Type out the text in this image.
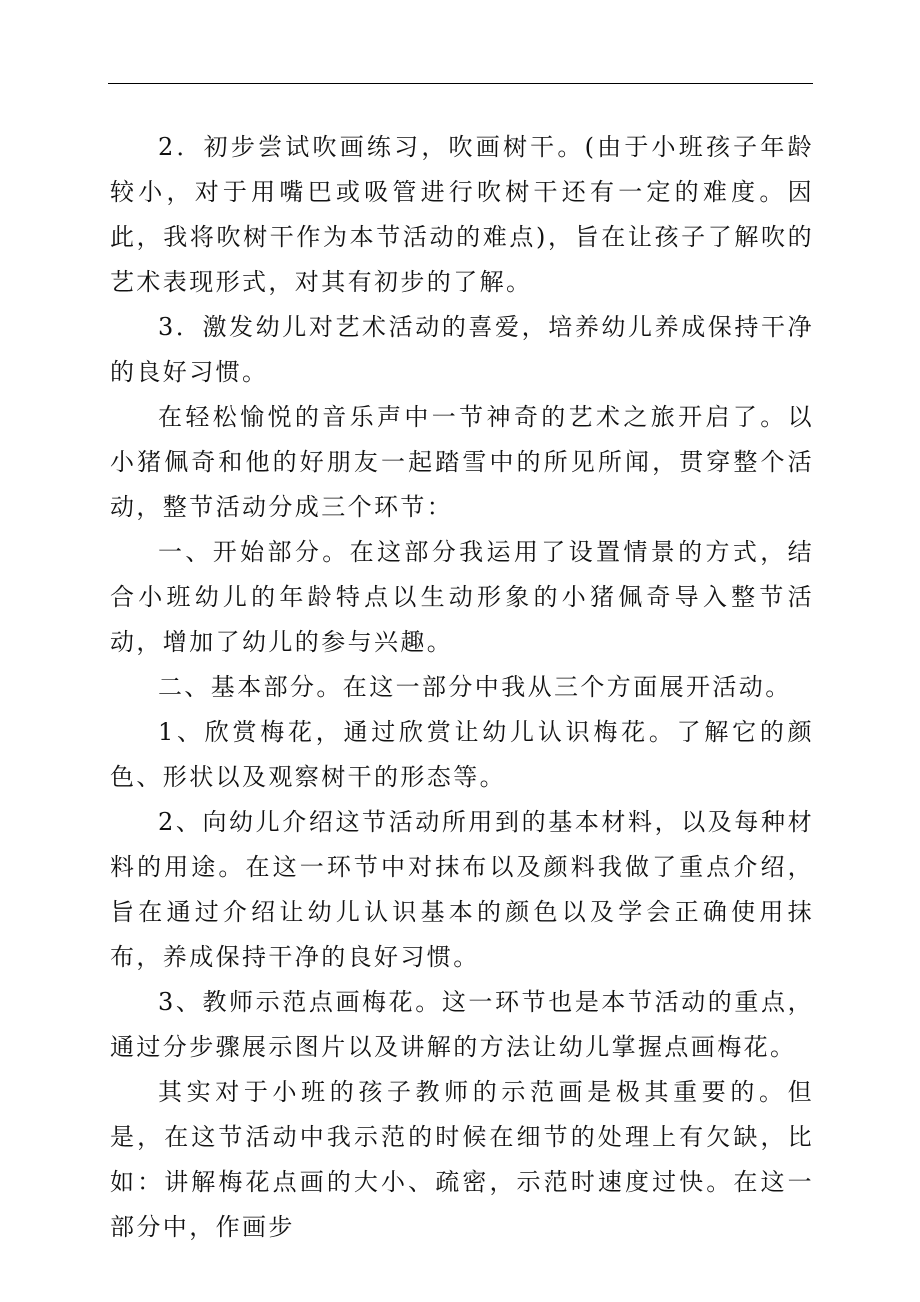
2．初步尝试吹画练习，吹画树干。(由于小班孩子年龄较小，对于用嘴巴或吸管进行吹树干还有一定的难度。因此，我将吹树干作为本节活动的难点)，旨在让孩子了解吹的艺术表现形式，对其有初步的了解。

3．激发幼儿对艺术活动的喜爱，培养幼儿养成保持干净的良好习惯。

在轻松愉悦的音乐声中一节神奇的艺术之旅开启了。以小猪佩奇和他的好朋友一起踏雪中的所见所闻，贯穿整个活动，整节活动分成三个环节：

一、开始部分。在这部分我运用了设置情景的方式，结合小班幼儿的年龄特点以生动形象的小猪佩奇导入整节活动，增加了幼儿的参与兴趣。

二、基本部分。在这一部分中我从三个方面展开活动。

1、欣赏梅花，通过欣赏让幼儿认识梅花。了解它的颜色、形状以及观察树干的形态等。

2、向幼儿介绍这节活动所用到的基本材料，以及每种材料的用途。在这一环节中对抹布以及颜料我做了重点介绍，旨在通过介绍让幼儿认识基本的颜色以及学会正确使用抹布，养成保持干净的良好习惯。

3、教师示范点画梅花。这一环节也是本节活动的重点，通过分步骤展示图片以及讲解的方法让幼儿掌握点画梅花。

其实对于小班的孩子教师的示范画是极其重要的。但是，在这节活动中我示范的时候在细节的处理上有欠缺，比如：讲解梅花点画的大小、疏密，示范时速度过快。在这一部分中，作画步
